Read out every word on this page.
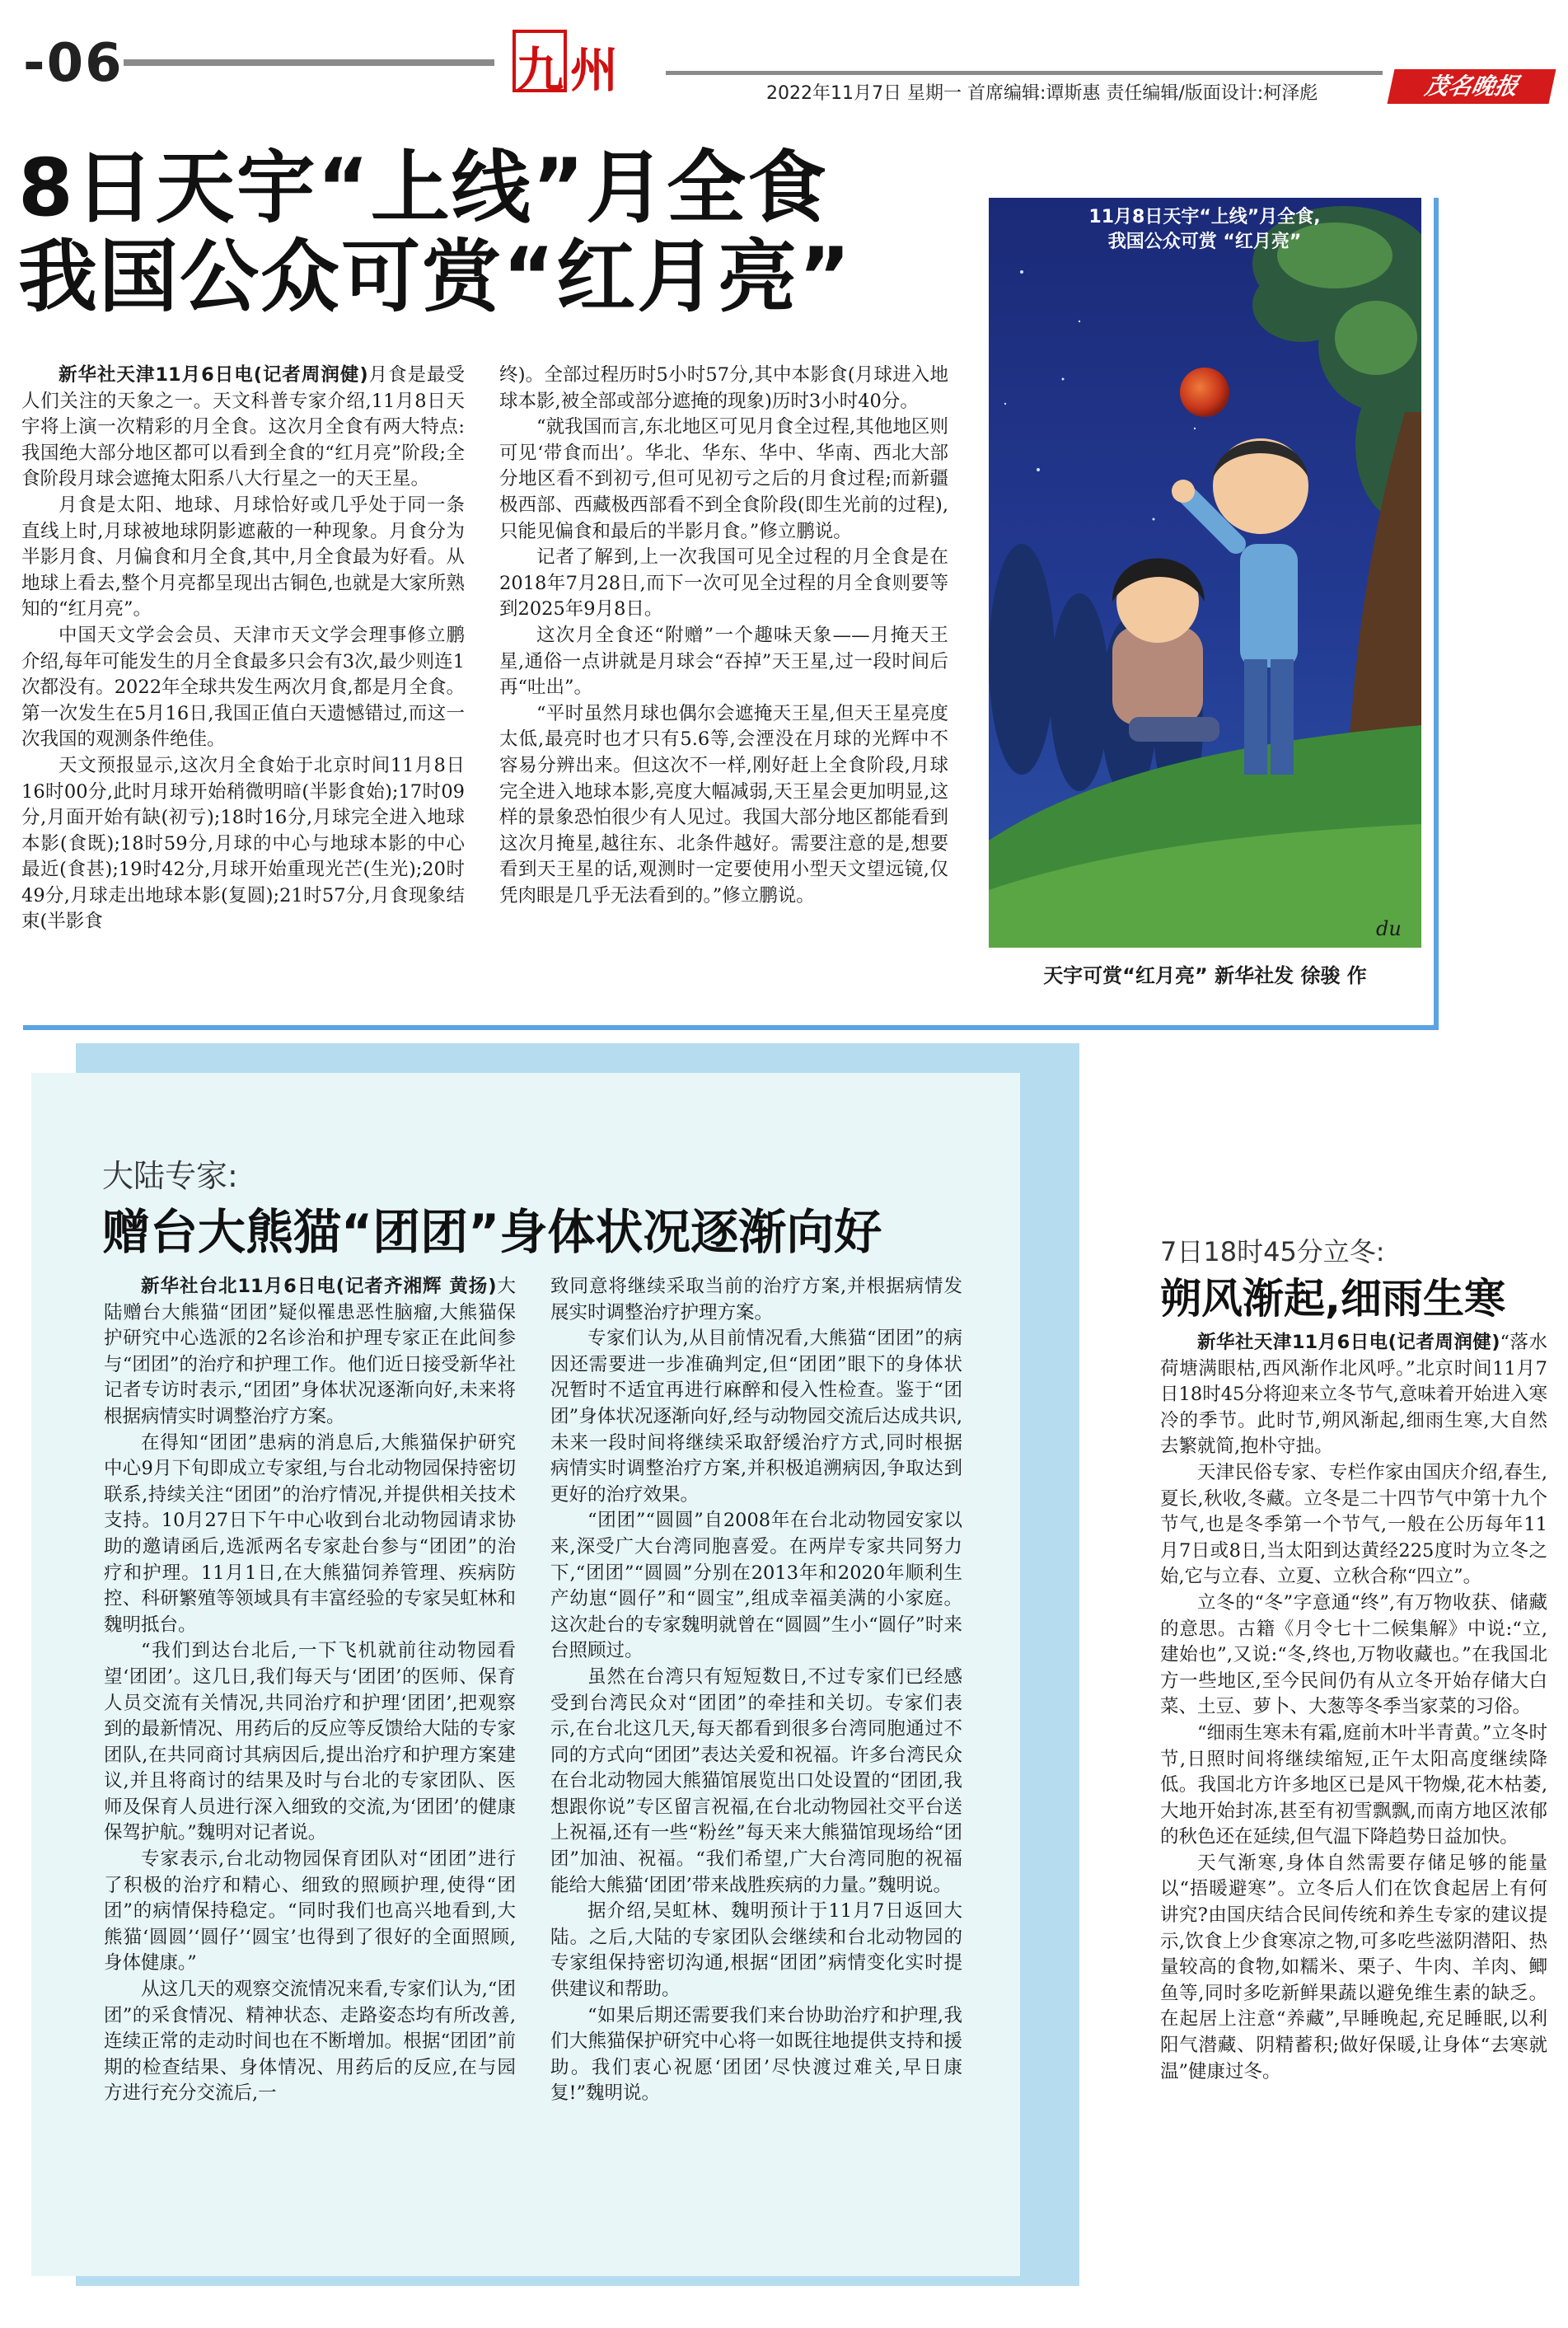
-06	九 州	2022年11月7日 星期一 首席编辑:谭斯惠 责任编辑/版面设计:柯泽彪	茂名晚报
8日天宇“上线”月全食
我国公众可赏“红月亮”

新华社天津11月6日电(记者周润健)月食是最受人们关注的天象之一。天文科普专家介绍,11月8日天宇将上演一次精彩的月全食。这次月全食有两大特点:我国绝大部分地区都可以看到全食的“红月亮”阶段;全食阶段月球会遮掩太阳系八大行星之一的天王星。

月食是太阳、地球、月球恰好或几乎处于同一条直线上时,月球被地球阴影遮蔽的一种现象。月食分为半影月食、月偏食和月全食,其中,月全食最为好看。从地球上看去,整个月亮都呈现出古铜色,也就是大家所熟知的“红月亮”。

中国天文学会会员、天津市天文学会理事修立鹏介绍,每年可能发生的月全食最多只会有3次,最少则连1次都没有。2022年全球共发生两次月食,都是月全食。第一次发生在5月16日,我国正值白天遗憾错过,而这一次我国的观测条件绝佳。

天文预报显示,这次月全食始于北京时间11月8日16时00分,此时月球开始稍微明暗(半影食始);17时09分,月面开始有缺(初亏);18时16分,月球完全进入地球本影(食既);18时59分,月球的中心与地球本影的中心最近(食甚);19时42分,月球开始重现光芒(生光);20时49分,月球走出地球本影(复圆);21时57分,月食现象结束(半影食

终)。全部过程历时5小时57分,其中本影食(月球进入地球本影,被全部或部分遮掩的现象)历时3小时40分。

“就我国而言,东北地区可见月食全过程,其他地区则可见‘带食而出’。华北、华东、华中、华南、西北大部分地区看不到初亏,但可见初亏之后的月食过程;而新疆极西部、西藏极西部看不到全食阶段(即生光前的过程),只能见偏食和最后的半影月食。”修立鹏说。

记者了解到,上一次我国可见全过程的月全食是在2018年7月28日,而下一次可见全过程的月全食则要等到2025年9月8日。

这次月全食还“附赠”一个趣味天象——月掩天王星,通俗一点讲就是月球会“吞掉”天王星,过一段时间后再“吐出”。

“平时虽然月球也偶尔会遮掩天王星,但天王星亮度太低,最亮时也才只有5.6等,会湮没在月球的光辉中不容易分辨出来。但这次不一样,刚好赶上全食阶段,月球完全进入地球本影,亮度大幅减弱,天王星会更加明显,这样的景象恐怕很少有人见过。我国大部分地区都能看到这次月掩星,越往东、北条件越好。需要注意的是,想要看到天王星的话,观测时一定要使用小型天文望远镜,仅凭肉眼是几乎无法看到的。”修立鹏说。

11月8日天宇“上线”月全食,
我国公众可赏 “红月亮”
du
天宇可赏“红月亮” 新华社发 徐骏 作
大陆专家:
赠台大熊猫“团团”身体状况逐渐向好

新华社台北11月6日电(记者齐湘辉 黄扬)大陆赠台大熊猫“团团”疑似罹患恶性脑瘤,大熊猫保护研究中心选派的2名诊治和护理专家正在此间参与“团团”的治疗和护理工作。他们近日接受新华社记者专访时表示,“团团”身体状况逐渐向好,未来将根据病情实时调整治疗方案。

在得知“团团”患病的消息后,大熊猫保护研究中心9月下旬即成立专家组,与台北动物园保持密切联系,持续关注“团团”的治疗情况,并提供相关技术支持。10月27日下午中心收到台北动物园请求协助的邀请函后,选派两名专家赴台参与“团团”的治疗和护理。11月1日,在大熊猫饲养管理、疾病防控、科研繁殖等领域具有丰富经验的专家吴虹林和魏明抵台。

“我们到达台北后,一下飞机就前往动物园看望‘团团’。这几日,我们每天与‘团团’的医师、保育人员交流有关情况,共同治疗和护理‘团团’,把观察到的最新情况、用药后的反应等反馈给大陆的专家团队,在共同商讨其病因后,提出治疗和护理方案建议,并且将商讨的结果及时与台北的专家团队、医师及保育人员进行深入细致的交流,为‘团团’的健康保驾护航。”魏明对记者说。

专家表示,台北动物园保育团队对“团团”进行了积极的治疗和精心、细致的照顾护理,使得“团团”的病情保持稳定。“同时我们也高兴地看到,大熊猫‘圆圆’‘圆仔’‘圆宝’也得到了很好的全面照顾,身体健康。”

从这几天的观察交流情况来看,专家们认为,“团团”的采食情况、精神状态、走路姿态均有所改善,连续正常的走动时间也在不断增加。根据“团团”前期的检查结果、身体情况、用药后的反应,在与园方进行充分交流后,一

致同意将继续采取当前的治疗方案,并根据病情发展实时调整治疗护理方案。

专家们认为,从目前情况看,大熊猫“团团”的病因还需要进一步准确判定,但“团团”眼下的身体状况暂时不适宜再进行麻醉和侵入性检查。鉴于“团团”身体状况逐渐向好,经与动物园交流后达成共识,未来一段时间将继续采取舒缓治疗方式,同时根据病情实时调整治疗方案,并积极追溯病因,争取达到更好的治疗效果。

“团团”“圆圆”自2008年在台北动物园安家以来,深受广大台湾同胞喜爱。在两岸专家共同努力下,“团团”“圆圆”分别在2013年和2020年顺利生产幼崽“圆仔”和“圆宝”,组成幸福美满的小家庭。这次赴台的专家魏明就曾在“圆圆”生小“圆仔”时来台照顾过。

虽然在台湾只有短短数日,不过专家们已经感受到台湾民众对“团团”的牵挂和关切。专家们表示,在台北这几天,每天都看到很多台湾同胞通过不同的方式向“团团”表达关爱和祝福。许多台湾民众在台北动物园大熊猫馆展览出口处设置的“团团,我想跟你说”专区留言祝福,在台北动物园社交平台送上祝福,还有一些“粉丝”每天来大熊猫馆现场给“团团”加油、祝福。“我们希望,广大台湾同胞的祝福能给大熊猫‘团团’带来战胜疾病的力量。”魏明说。

据介绍,吴虹林、魏明预计于11月7日返回大陆。之后,大陆的专家团队会继续和台北动物园的专家组保持密切沟通,根据“团团”病情变化实时提供建议和帮助。

“如果后期还需要我们来台协助治疗和护理,我们大熊猫保护研究中心将一如既往地提供支持和援助。我们衷心祝愿‘团团’尽快渡过难关,早日康复!”魏明说。

7日18时45分立冬:
朔风渐起,细雨生寒

新华社天津11月6日电(记者周润健)“落水荷塘满眼枯,西风渐作北风呼。”北京时间11月7日18时45分将迎来立冬节气,意味着开始进入寒冷的季节。此时节,朔风渐起,细雨生寒,大自然去繁就简,抱朴守拙。

天津民俗专家、专栏作家由国庆介绍,春生,夏长,秋收,冬藏。立冬是二十四节气中第十九个节气,也是冬季第一个节气,一般在公历每年11月7日或8日,当太阳到达黄经225度时为立冬之始,它与立春、立夏、立秋合称“四立”。

立冬的“冬”字意通“终”,有万物收获、储藏的意思。古籍《月令七十二候集解》中说:“立,建始也”,又说:“冬,终也,万物收藏也。”在我国北方一些地区,至今民间仍有从立冬开始存储大白菜、土豆、萝卜、大葱等冬季当家菜的习俗。

“细雨生寒未有霜,庭前木叶半青黄。”立冬时节,日照时间将继续缩短,正午太阳高度继续降低。我国北方许多地区已是风干物燥,花木枯萎,大地开始封冻,甚至有初雪飘飘,而南方地区浓郁的秋色还在延续,但气温下降趋势日益加快。

天气渐寒,身体自然需要存储足够的能量以“捂暖避寒”。立冬后人们在饮食起居上有何讲究?由国庆结合民间传统和养生专家的建议提示,饮食上少食寒凉之物,可多吃些滋阴潜阳、热量较高的食物,如糯米、栗子、牛肉、羊肉、鲫鱼等,同时多吃新鲜果蔬以避免维生素的缺乏。在起居上注意“养藏”,早睡晚起,充足睡眠,以利阳气潜藏、阴精蓄积;做好保暖,让身体“去寒就温”健康过冬。
